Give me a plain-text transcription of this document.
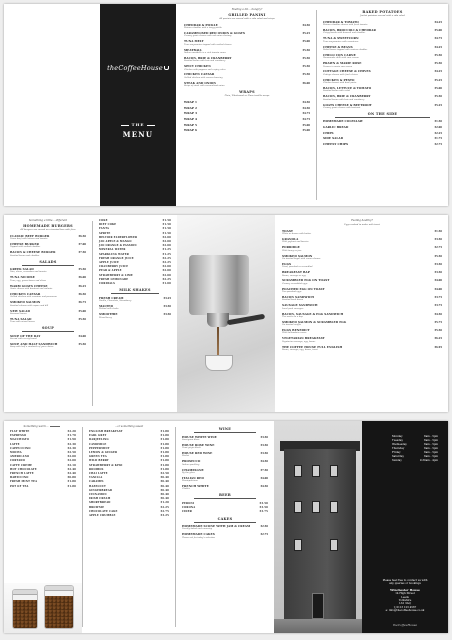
theCoffeeHouse
THE
MENU
Feeling a bit... hungry?
GRILLED PANINI
All paninis are served with a side salad and crisps
CHEDDAR & PICKLE	£4.50
Mature cheddar with a tangy pickle
CARAMELISED RED ONION & GOATS	£5.25
Creamy goats cheese with red onion chutney
TUNA MELT	£5.00
Tuna mayonnaise topped with melted cheese
MEATBALL	£5.50
Italian meatballs in a rich tomato sauce
BACON, BRIE & CRANBERRY	£5.50
Smoked bacon with brie and cranberry
SPICY CHICKEN	£5.50
Chicken with peppers and a spicy salsa
CHICKEN CAESAR	£5.50
Grilled chicken with caesar dressing
STEAK AND ONION	£6.00
Strips of steak with caramelised onion
WRAPS
Plain, Wholemeal or Flour tortilla wraps
WRAP 1	£4.50
WRAP 2	£4.50
WRAP 3	£4.75
WRAP 4	£4.75
WRAP 5	£5.00
WRAP 6	£5.00
BAKED POTATOES
Jacket potatoes served with a side salad
CHEDDAR & TOMATO	£4.25
Mature cheddar cheese with fresh tomato
BACON, BROCCOLI & CHEDDAR	£5.00
Crispy bacon with broccoli and cheddar
TUNA & SWEETCORN	£4.75
Tuna mayonnaise with sweetcorn
CHEESE & BEANS	£4.25
Baked beans topped with mature cheddar
CHILLI CON CARNE	£5.50
Homemade chilli with sour cream
PRAWN & MARIE ROSE	£5.50
Prawns in marie rose sauce
COTTAGE CHEESE & CHIVES	£4.25
Cottage cheese with fresh chives
CHICKEN & PESTO	£5.25
Chicken breast with basil pesto
BACON, LETTUCE & TOMATO	£5.00
Smoked bacon with salad
BACON, BRIE & CRANBERRY	£5.50
Smoked bacon with brie and cranberry
GOATS CHEESE & BEETROOT	£5.25
Creamy goats cheese with beetroot
ON THE SIDE
HOMEMADE COLESLAW	£1.50
GARLIC BREAD	£2.00
CHIPS	£2.25
SIDE SALAD	£1.75
CHEESY CHIPS	£2.75
Something a little... different
HOMEMADE BURGERS
All burgers are served on a toasted bun with fries
CLASSIC BEEF BURGER	£6.50
Prime beef with lettuce and tomato
CHEESE BURGER	£7.00
Topped with melted cheddar
BACON & CHEESE BURGER	£7.50
Smoked bacon and cheddar
SALADS
GREEK SALAD	£5.50
Feta, olives, cucumber and tomato
TUNA NICOISE	£6.00
Tuna, egg, green beans and olives
WARM GOATS CHEESE	£6.25
Goats cheese with beetroot and walnuts
CHICKEN CAESAR	£6.50
Grilled chicken with croutons and parmesan
SMOKED SALMON	£6.75
Smoked salmon with capers and dill
NEW SALAD	£5.00
Seasonal leaves
TUNA SALAD	£5.50
Tuna with mixed leaves
SOUP
SOUP OF THE DAY	£4.00
Served with crusty bread
SOUP AND HALF SANDWICH	£5.50
Soup with half a sandwich of your choice
COKE	£1.50
DIET COKE	£1.50
FANTA	£1.50
SPRITE	£1.50
BELVOIR ELDERFLOWER	£2.00
J2O APPLE & MANGO	£2.00
J2O ORANGE & PASSION	£2.00
MINERAL WATER	£1.25
SPARKLING WATER	£1.25
FRESH ORANGE JUICE	£2.25
APPLE JUICE	£2.25
CRANBERRY JUICE	£2.00
PEAR & APPLE	£2.00
STRAWBERRY & LIME	£2.00
FRESH LEMONADE	£2.25
CORDIALS	£1.00
MILK SHAKES
FRESH CREAM	£3.25
Vanilla, Chocolate, Strawberry
MALTED	£3.50
Malted milk shake
SMOOTHIE	£3.50
Mixed berry
Feeling healthy?
Eggs cooked to order with toast
TOAST	£1.50
White or brown with butter
GRANOLA	£3.50
With yoghurt and berries
PORRIDGE	£2.75
With honey or jam
SMOKED SALMON	£5.50
On toasted bagel with cream cheese
EGGS	£3.50
Fried, poached or scrambled
BREAKFAST BAP	£3.50
Bacon, sausage or egg
SCRAMBLED EGG ON TOAST	£4.00
Creamy scrambled eggs
POACHED EGG ON TOAST	£4.00
Two poached eggs
BACON SANDWICH	£3.75
Smoked back bacon
SAUSAGE SANDWICH	£3.75
Local pork sausages
BACON, SAUSAGE & EGG SANDWICH	£4.50
The works on a bap
SMOKED SALMON & SCRAMBLED EGG	£5.75
On toasted muffin
EGGS BENEDICT	£5.50
With hollandaise sauce
VEGETARIAN BREAKFAST	£6.25
Vegetarian sausage, egg, beans
THE COFFEE HOUSE FULL ENGLISH	£6.95
Bacon, sausage, egg, beans, toast
Something warm...
FLAT WHITE	£2.20
ESPRESSO	£1.70
MACCHIATO	£1.90
LATTE	£2.30
CAPPUCCINO	£2.30
MOCHA	£2.50
AMERICANO	£2.00
CORTADO	£2.00
CAFFE CREME	£2.10
HOT CHOCOLATE	£2.40
FRENCH LATTE	£2.40
BABYCCINO	£0.80
FRESH MINT TEA	£1.80
POT OF TEA	£1.80
...or something sweet
ENGLISH BREAKFAST	£1.80
EARL GREY	£1.80
DARJEELING	£1.80
CAMOMILE	£1.80
PEPPERMINT	£1.80
LEMON & GINGER	£1.80
GREEN TEA	£1.80
WILD BERRY	£1.80
STRAWBERRY & KIWI	£1.80
ROOIBOS	£1.80
CHAI LATTE	£2.50
VANILLA	£0.40
CARAMEL	£0.40
HAZELNUT	£0.40
GINGERBREAD	£0.40
CINNAMON	£0.40
IRISH CREAM	£0.40
SHORTBREAD	£1.20
BROWNIE	£2.25
CHOCOLATE CAKE	£2.75
APPLE CRUMBLE	£3.25
WINE
HOUSE WHITE WINE	£3.50
Sauvignon blanc
HOUSE ROSE WINE	£3.50
Pinot grigio blush
HOUSE RED WINE	£3.50
Merlot
PROSECCO	£4.50
Italian sparkling
CHAMPAGNE	£7.50
By the glass
ITALIAN RED	£4.00
Montepulciano
FRENCH WHITE	£4.50
Chablis
BEER
PERONI	£3.50
CORONA	£3.50
CIDER	£3.75
CAKES
HOMEMADE SCONE WITH JAM & CREAM	£2.50
Freshly baked each morning
HOMEMADE CAKES	£2.75
Please ask for today's selection
Monday	8am - 5pm
Tuesday	8am - 5pm
Wednesday	8am - 5pm
Thursday	8am - 5pm
Friday	8am - 5pm
Saturday	8am - 5pm
Sunday	9.30am - 4pm
Please feel free to contact us with
any queries or bookings
Winchester House
14 High Street
Leeds
Yorkshire
LS1 3AQ
t: 0113 123 4567
e: info@thecoffeehouse.co.uk
theCoffeeHouse
